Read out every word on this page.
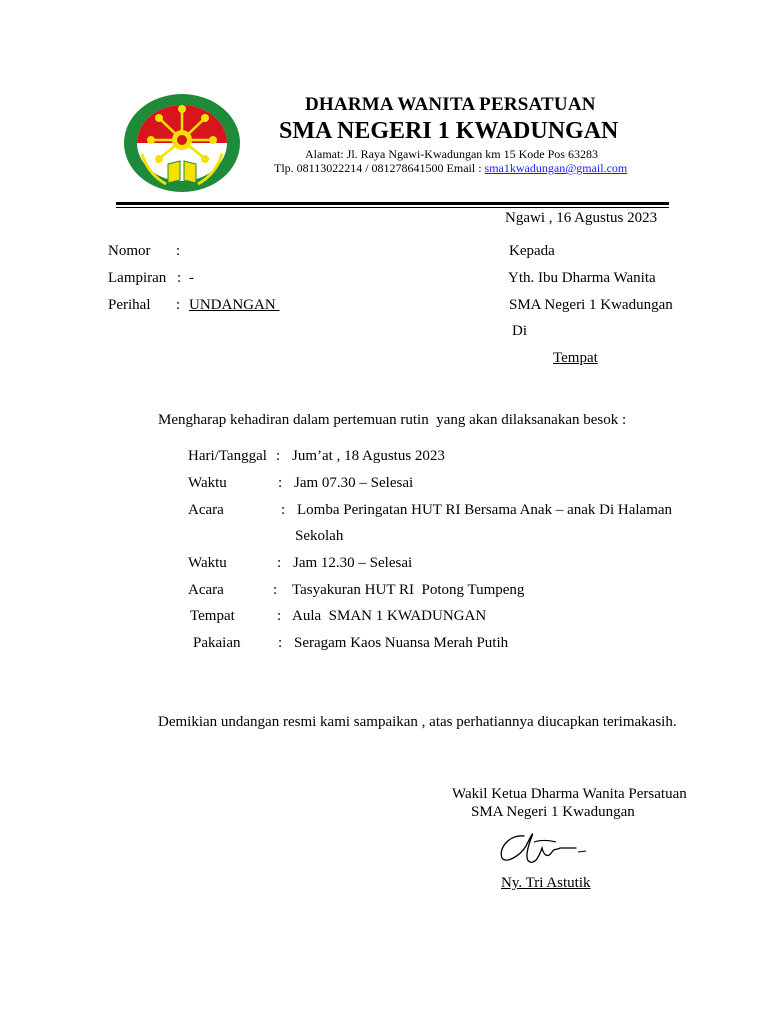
DHARMA WANITA PERSATUAN
SMA NEGERI 1 KWADUNGAN
Alamat: Jl. Raya Ngawi-Kwadungan km 15 Kode Pos 63283
Tlp. 08113022214 / 081278641500 Email : sma1kwadungan@gmail.com
Ngawi , 16 Agustus 2023
Nomor :
Lampiran : -
Perihal : UNDANGAN
Kepada
Yth. Ibu Dharma Wanita
SMA Negeri 1 Kwadungan
Di
Tempat
Mengharap kehadiran dalam pertemuan rutin  yang akan dilaksanakan besok :
Hari/Tanggal : Jum’at , 18 Agustus 2023
Waktu	: Jam 07.30 – Selesai
Acara	: Lomba Peringatan HUT RI Bersama Anak – anak Di Halaman
Sekolah
Waktu	: Jam 12.30 – Selesai
Acara	: Tasyakuran HUT RI  Potong Tumpeng
Tempat	: Aula  SMAN 1 KWADUNGAN
Pakaian	: Seragam Kaos Nuansa Merah Putih
Demikian undangan resmi kami sampaikan , atas perhatiannya diucapkan terimakasih.
Wakil Ketua Dharma Wanita Persatuan
SMA Negeri 1 Kwadungan
Ny. Tri Astutik
